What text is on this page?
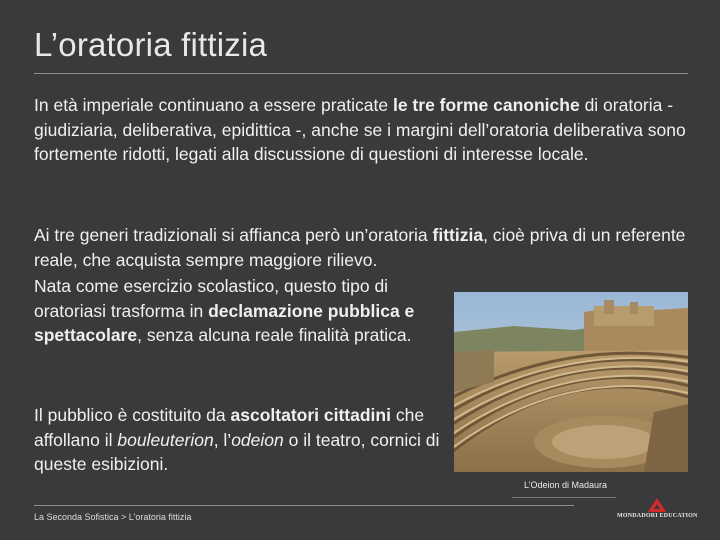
L’oratoria fittizia
In età imperiale continuano a essere praticate le tre forme canoniche di oratoria - giudiziaria, deliberativa, epidittica -, anche se i margini dell’oratoria deliberativa sono fortemente ridotti, legati alla discussione di questioni di interesse locale.
Ai tre generi tradizionali si affianca però un’oratoria fittizia, cioè priva di un referente reale, che acquista sempre maggiore rilievo.
Nata come esercizio scolastico, questo tipo di oratoriasi trasforma in declamazione pubblica e spettacolare, senza alcuna reale finalità pratica.
Il pubblico è costituito da ascoltatori cittadini che affollano il bouleuterion, l’odeion o il teatro, cornici di queste esibizioni.
L’Odeion di Madaura
La Seconda Sofistica > L’oratoria fittizia	MONDADORI EDUCATION
